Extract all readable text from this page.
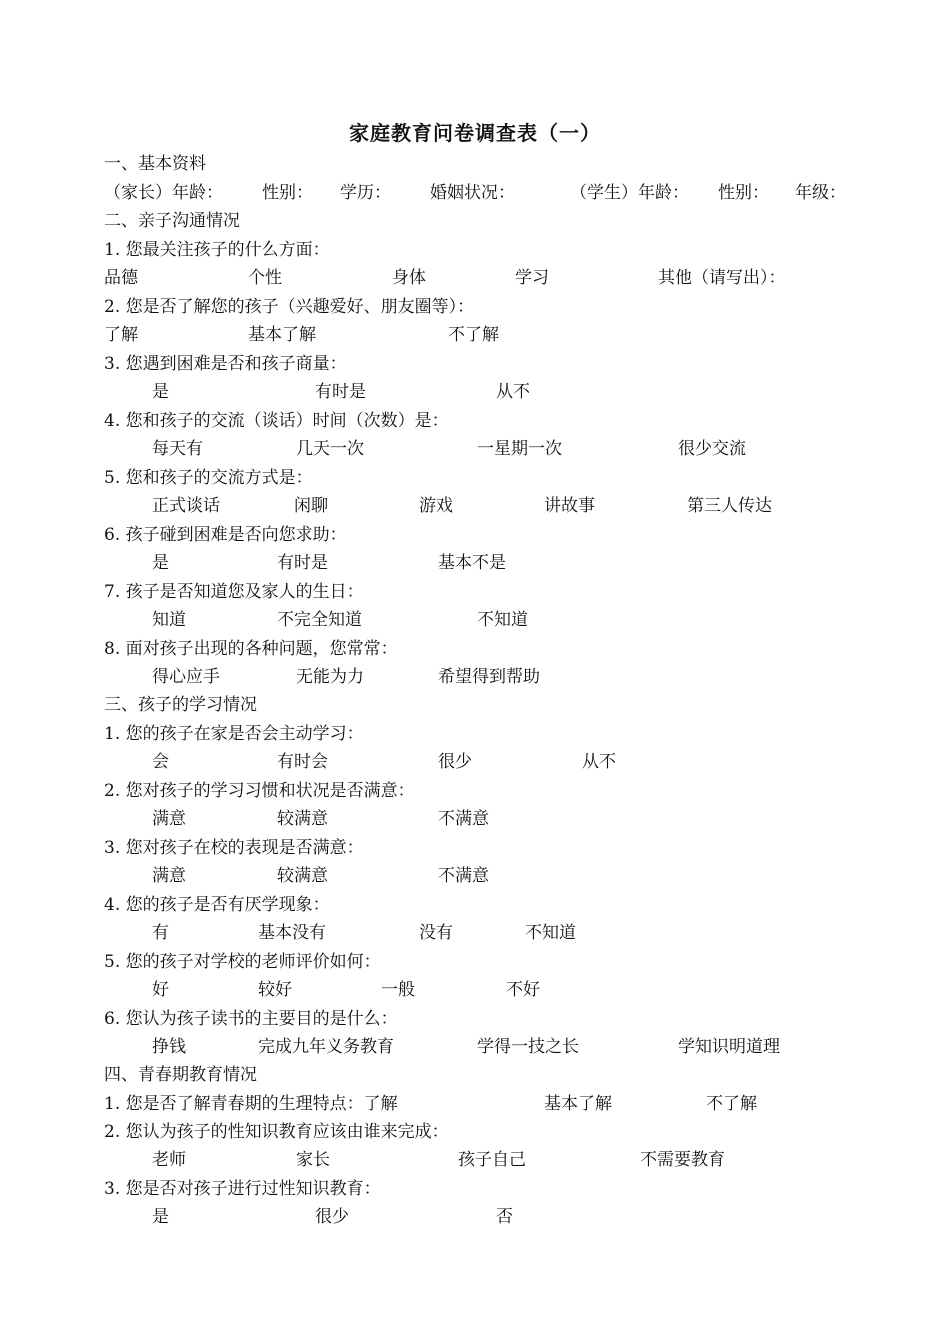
家庭教育问卷调查表（一）
一、基本资料
（家长）年龄： 性别： 学历： 婚姻状况：	（学生）年龄： 性别： 年级：
二、亲子沟通情况
1. 您最关注孩子的什么方面：
品德	个性	身体	学习	其他（请写出）：
2. 您是否了解您的孩子（兴趣爱好、朋友圈等）：
了解	基本了解	不了解
3. 您遇到困难是否和孩子商量：
是	有时是	从不
4. 您和孩子的交流（谈话）时间（次数）是：
每天有	几天一次	一星期一次	很少交流
5. 您和孩子的交流方式是：
正式谈话	闲聊	游戏	讲故事	第三人传达
6. 孩子碰到困难是否向您求助：
是	有时是	基本不是
7. 孩子是否知道您及家人的生日：
知道	不完全知道	不知道
8. 面对孩子出现的各种问题，您常常：
得心应手	无能为力	希望得到帮助
三、孩子的学习情况
1. 您的孩子在家是否会主动学习：
会	有时会	很少	从不
2. 您对孩子的学习习惯和状况是否满意：
满意	较满意	不满意
3. 您对孩子在校的表现是否满意：
满意	较满意	不满意
4. 您的孩子是否有厌学现象：
有	基本没有	没有	不知道
5. 您的孩子对学校的老师评价如何：
好	较好	一般	不好
6. 您认为孩子读书的主要目的是什么：
挣钱	完成九年义务教育	学得一技之长	学知识明道理
四、青春期教育情况
1. 您是否了解青春期的生理特点：了解	基本了解	不了解
2. 您认为孩子的性知识教育应该由谁来完成：
老师	家长	孩子自己	不需要教育
3. 您是否对孩子进行过性知识教育：
是	很少	否
